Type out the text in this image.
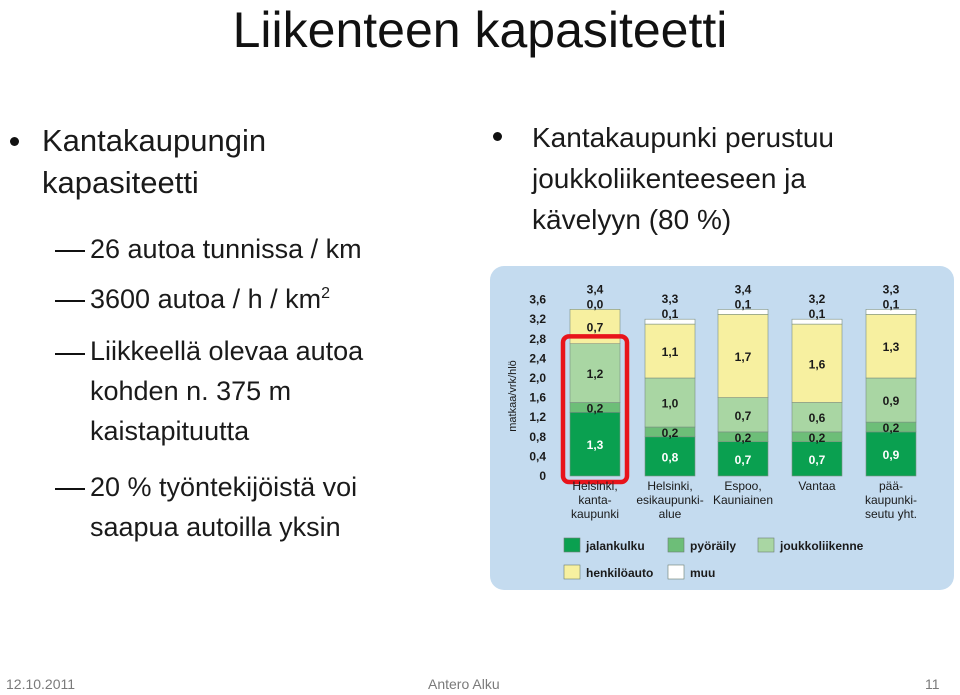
Liikenteen kapasiteetti
Kantakaupungin
kapasiteetti
26 autoa tunnissa / km
3600 autoa / h / $km^2$
Liikkeellä olevaa autoa
kohden n. 375 m
kaistapituutta
20 % työntekijöistä voi
saapua autoilla yksin
Kantakaupunki perustuu
joukkoliikenteeseen ja
kävelyyn (80 %)
matkaa/vrk/hlö
3,6
3,2
2,8
2,4
2,0
1,6
1,2
0,8
0,4
0
1,3
0,2
1,2
0,7
0,0
3,4
Helsinki,
kanta-
kaupunki
0,8
0,2
1,0
1,1
0,1
3,3
Helsinki,
esikaupunki-
alue
0,7
0,2
0,7
1,7
0,1
3,4
Espoo,
Kauniainen
0,7
0,2
0,6
1,6
0,1
3,2
Vantaa
0,9
0,2
0,9
1,3
0,1
3,3
pää-
kaupunki-
seutu yht.
jalankulku	pyöräily	joukkoliikenne
henkilöauto	muu
12.10.2011	Antero Alku	11
